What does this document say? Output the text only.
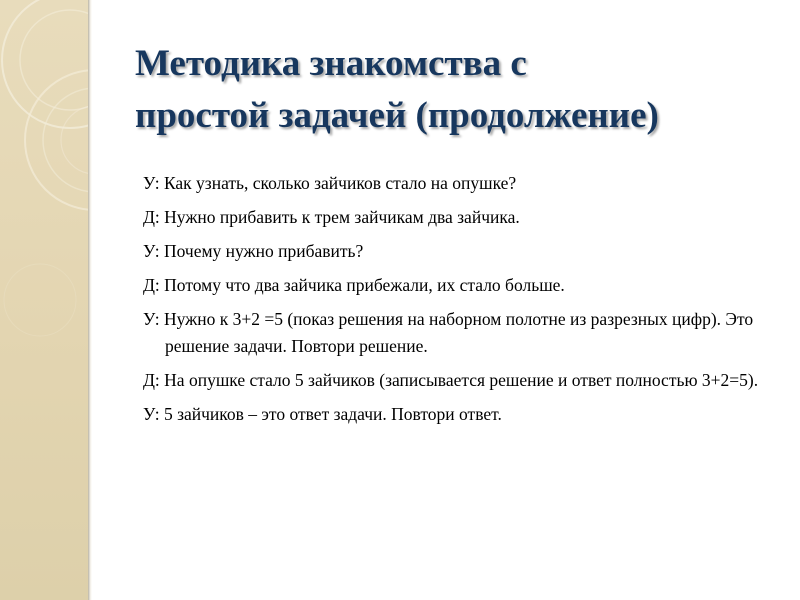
Методика знакомства с
простой задачей (продолжение)
У: Как узнать, сколько зайчиков стало на опушке?
Д: Нужно прибавить к трем зайчикам два зайчика.
У: Почему нужно прибавить?
Д: Потому что два зайчика прибежали, их стало больше.
У: Нужно к 3+2 =5 (показ решения на наборном полотне из разрезных цифр). Это решение задачи. Повтори решение.
Д: На опушке стало 5 зайчиков (записывается решение и ответ полностью 3+2=5).
У: 5 зайчиков – это ответ задачи. Повтори ответ.
